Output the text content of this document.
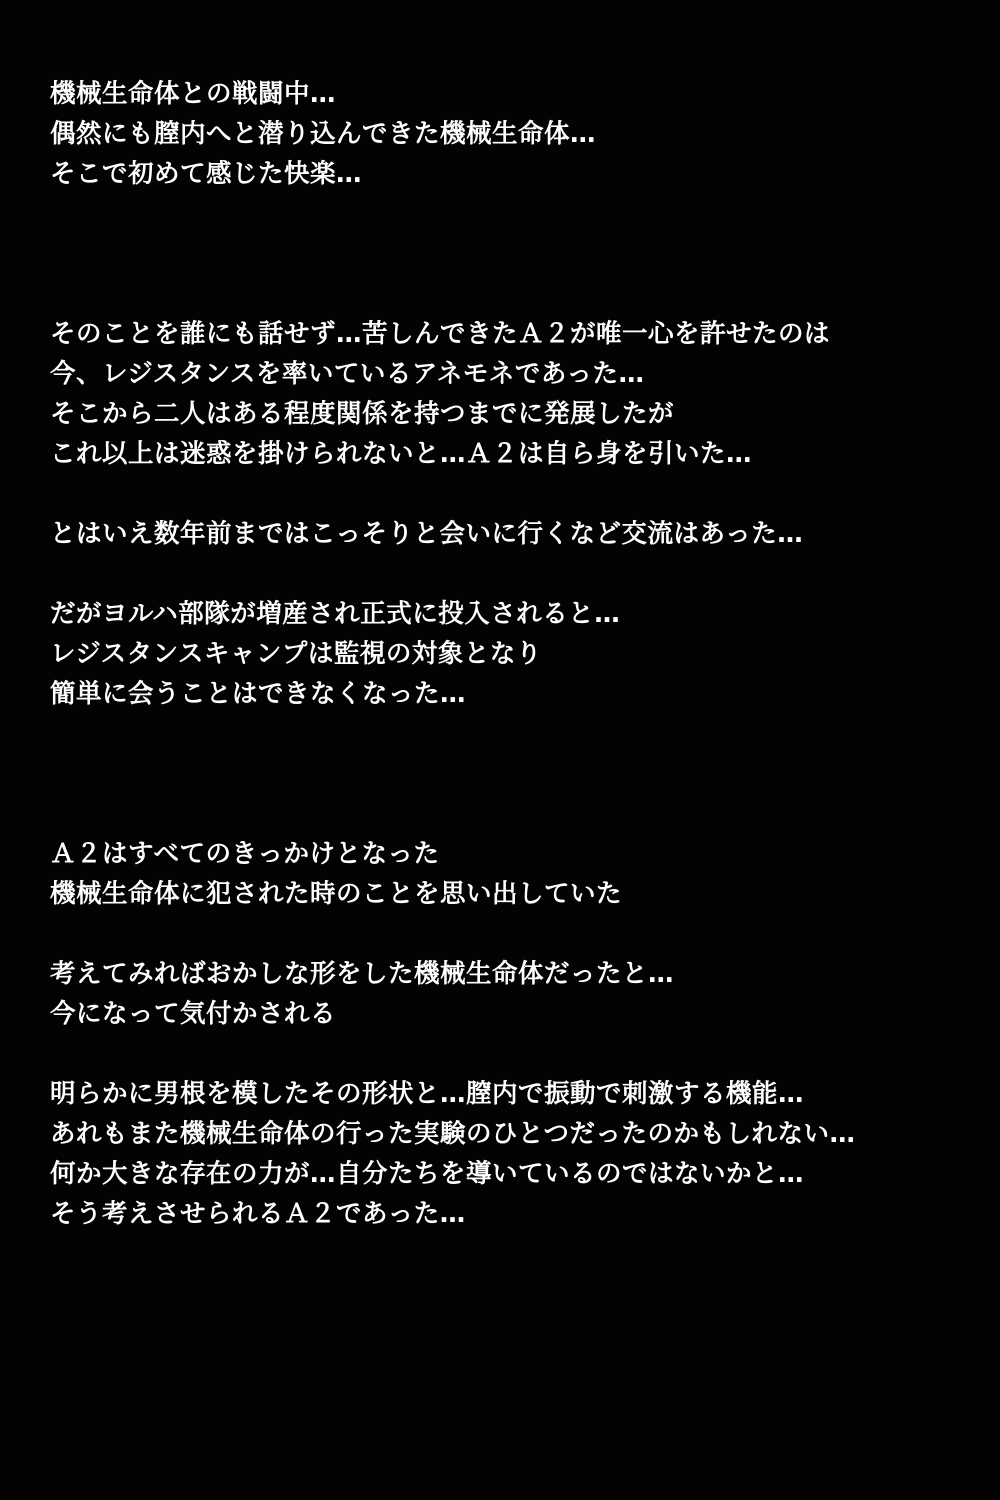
機械生命体との戦闘中…
偶然にも膣内へと潜り込んできた機械生命体…
そこで初めて感じた快楽…
そのことを誰にも話せず…苦しんできたＡ２が唯一心を許せたのは
今、レジスタンスを率いているアネモネであった…
そこから二人はある程度関係を持つまでに発展したが
これ以上は迷惑を掛けられないと…Ａ２は自ら身を引いた…
とはいえ数年前まではこっそりと会いに行くなど交流はあった…
だがヨルハ部隊が増産され正式に投入されると…
レジスタンスキャンプは監視の対象となり
簡単に会うことはできなくなった…
Ａ２はすべてのきっかけとなった
機械生命体に犯された時のことを思い出していた
考えてみればおかしな形をした機械生命体だったと…
今になって気付かされる
明らかに男根を模したその形状と…膣内で振動で刺激する機能…
あれもまた機械生命体の行った実験のひとつだったのかもしれない…
何か大きな存在の力が…自分たちを導いているのではないかと…
そう考えさせられるＡ２であった…
